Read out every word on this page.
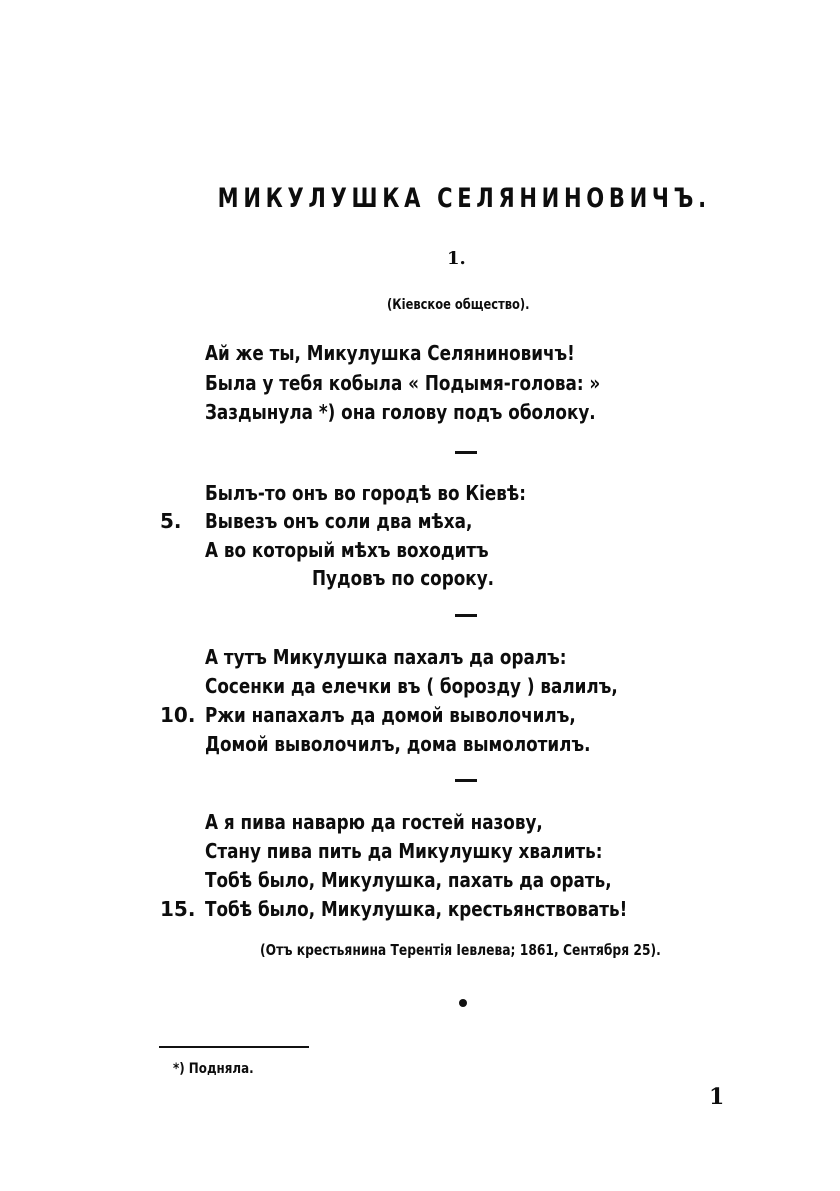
МИКУЛУШКА СЕЛЯНИНОВИЧЪ.
1.
(Кіевское общество).
Ай же ты, Микулушка Селяниновичъ!
Была у тебя кобыла « Подымя-голова: »
Заздынула *) она голову подъ оболоку.
Былъ-то онъ во городѣ во Кіевѣ:
5. Вывезъ онъ соли два мѣха,
А во который мѣхъ воходитъ
Пудовъ по сороку.
А тутъ Микулушка пахалъ да оралъ:
Сосенки да елечки въ ( борозду ) валилъ,
10. Ржи напахалъ да домой выволочилъ,
Домой выволочилъ, дома вымолотилъ.
А я пива наварю да гостей назову,
Стану пива пить да Микулушку хвалить:
Тобѣ было, Микулушка, пахать да орать,
15. Тобѣ было, Микулушка, крестьянствовать!
(Отъ крестьянина Терентія Іевлева; 1861, Сентября 25).
*) Подняла.
1
